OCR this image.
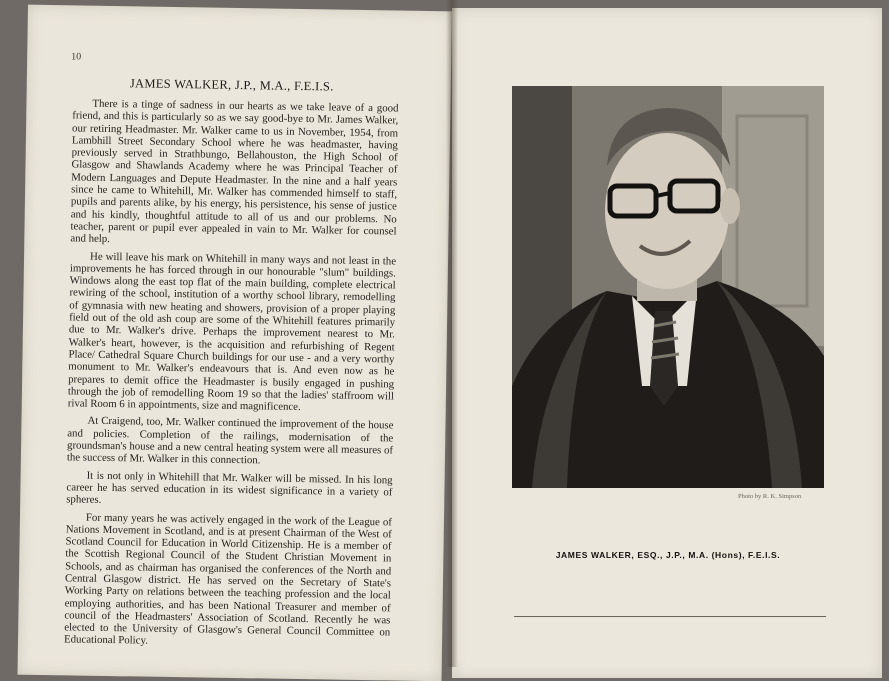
10
JAMES WALKER, J.P., M.A., F.E.I.S.

There is a tinge of sadness in our hearts as we take leave of a good friend, and this is particularly so as we say good-bye to Mr. James Walker, our retiring Headmaster. Mr. Walker came to us in November, 1954, from Lambhill Street Secondary School where he was headmaster, having previously served in Strathbungo, Bellahouston, the High School of Glasgow and Shawlands Academy where he was Principal Teacher of Modern Languages and Depute Headmaster. In the nine and a half years since he came to Whitehill, Mr. Walker has commended himself to staff, pupils and parents alike, by his energy, his persistence, his sense of justice and his kindly, thoughtful attitude to all of us and our problems. No teacher, parent or pupil ever appealed in vain to Mr. Walker for counsel and help.

He will leave his mark on Whitehill in many ways and not least in the improvements he has forced through in our honourable "slum" buildings. Windows along the east top flat of the main building, complete electrical rewiring of the school, institution of a worthy school library, remodelling of gymnasia with new heating and showers, provision of a proper playing field out of the old ash coup are some of the Whitehill features primarily due to Mr. Walker's drive. Perhaps the improvement nearest to Mr. Walker's heart, however, is the acquisition and refurbishing of Regent Place/ Cathedral Square Church buildings for our use - and a very worthy monument to Mr. Walker's endeavours that is. And even now as he prepares to demit office the Headmaster is busily engaged in pushing through the job of remodelling Room 19 so that the ladies' staffroom will rival Room 6 in appointments, size and magnificence.

At Craigend, too, Mr. Walker continued the improvement of the house and policies. Completion of the railings, modernisation of the groundsman's house and a new central heating system were all measures of the success of Mr. Walker in this connection.

It is not only in Whitehill that Mr. Walker will be missed. In his long career he has served education in its widest significance in a variety of spheres.

For many years he was actively engaged in the work of the League of Nations Movement in Scotland, and is at present Chairman of the West of Scotland Council for Education in World Citizenship. He is a member of the Scottish Regional Council of the Student Christian Movement in Schools, and as chairman has organised the conferences of the North and Central Glasgow district. He has served on the Secretary of State's Working Party on relations between the teaching profession and the local employing authorities, and has been National Treasurer and member of council of the Headmasters' Association of Scotland. Recently he was elected to the University of Glasgow's General Council Committee on Educational Policy.

Photo by R. K. Simpson
JAMES WALKER, ESQ., J.P., M.A. (Hons), F.E.I.S.
